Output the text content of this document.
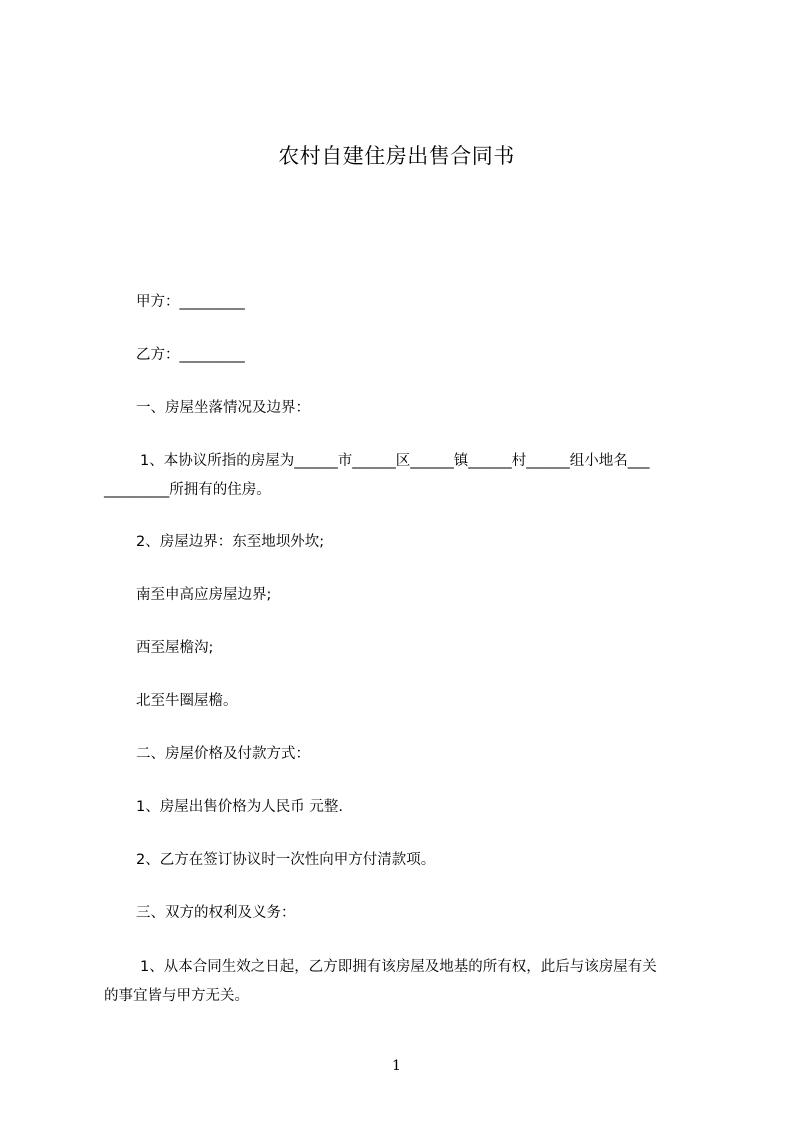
农村自建住房出售合同书
甲方：_________
乙方：_________
一、房屋坐落情况及边界：
1、本协议所指的房屋为______市______区______镇______村______组小地名___
_________所拥有的住房。
2、房屋边界：东至地坝外坎;
南至申高应房屋边界;
西至屋檐沟;
北至牛圈屋檐。
二、房屋价格及付款方式：
1、房屋出售价格为人民币 元整.
2、乙方在签订协议时一次性向甲方付清款项。
三、双方的权利及义务：
1、从本合同生效之日起，乙方即拥有该房屋及地基的所有权，此后与该房屋有关
的事宜皆与甲方无关。
1
